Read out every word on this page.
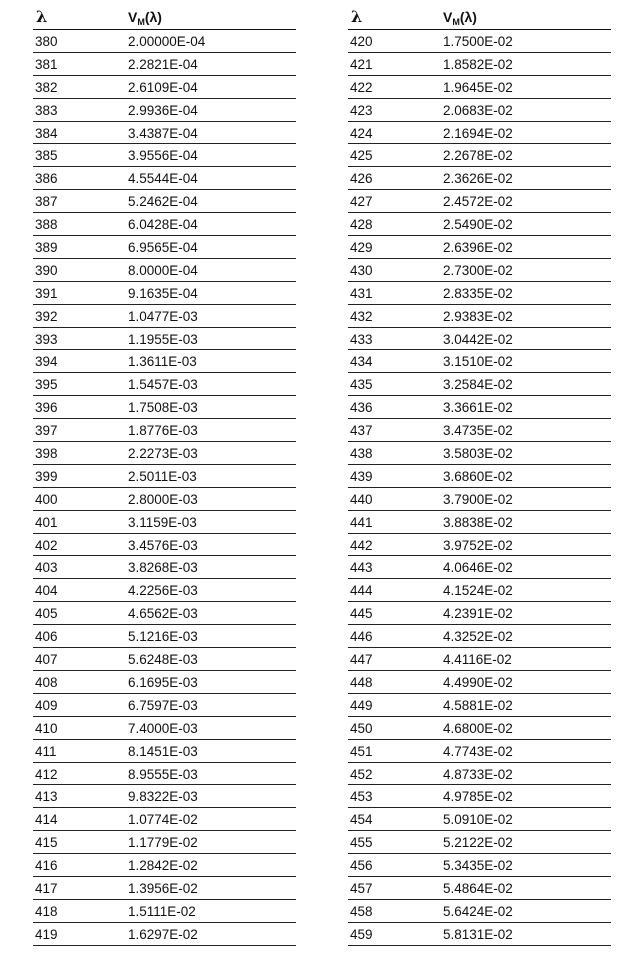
λ	$V_M(\lambda)$
380	2.00000E-04
381	2.2821E-04
382	2.6109E-04
383	2.9936E-04
384	3.4387E-04
385	3.9556E-04
386	4.5544E-04
387	5.2462E-04
388	6.0428E-04
389	6.9565E-04
390	8.0000E-04
391	9.1635E-04
392	1.0477E-03
393	1.1955E-03
394	1.3611E-03
395	1.5457E-03
396	1.7508E-03
397	1.8776E-03
398	2.2273E-03
399	2.5011E-03
400	2.8000E-03
401	3.1159E-03
402	3.4576E-03
403	3.8268E-03
404	4.2256E-03
405	4.6562E-03
406	5.1216E-03
407	5.6248E-03
408	6.1695E-03
409	6.7597E-03
410	7.4000E-03
411	8.1451E-03
412	8.9555E-03
413	9.8322E-03
414	1.0774E-02
415	1.1779E-02
416	1.2842E-02
417	1.3956E-02
418	1.5111E-02
419	1.6297E-02
λ	$V_M(\lambda)$
420	1.7500E-02
421	1.8582E-02
422	1.9645E-02
423	2.0683E-02
424	2.1694E-02
425	2.2678E-02
426	2.3626E-02
427	2.4572E-02
428	2.5490E-02
429	2.6396E-02
430	2.7300E-02
431	2.8335E-02
432	2.9383E-02
433	3.0442E-02
434	3.1510E-02
435	3.2584E-02
436	3.3661E-02
437	3.4735E-02
438	3.5803E-02
439	3.6860E-02
440	3.7900E-02
441	3.8838E-02
442	3.9752E-02
443	4.0646E-02
444	4.1524E-02
445	4.2391E-02
446	4.3252E-02
447	4.4116E-02
448	4.4990E-02
449	4.5881E-02
450	4.6800E-02
451	4.7743E-02
452	4.8733E-02
453	4.9785E-02
454	5.0910E-02
455	5.2122E-02
456	5.3435E-02
457	5.4864E-02
458	5.6424E-02
459	5.8131E-02
